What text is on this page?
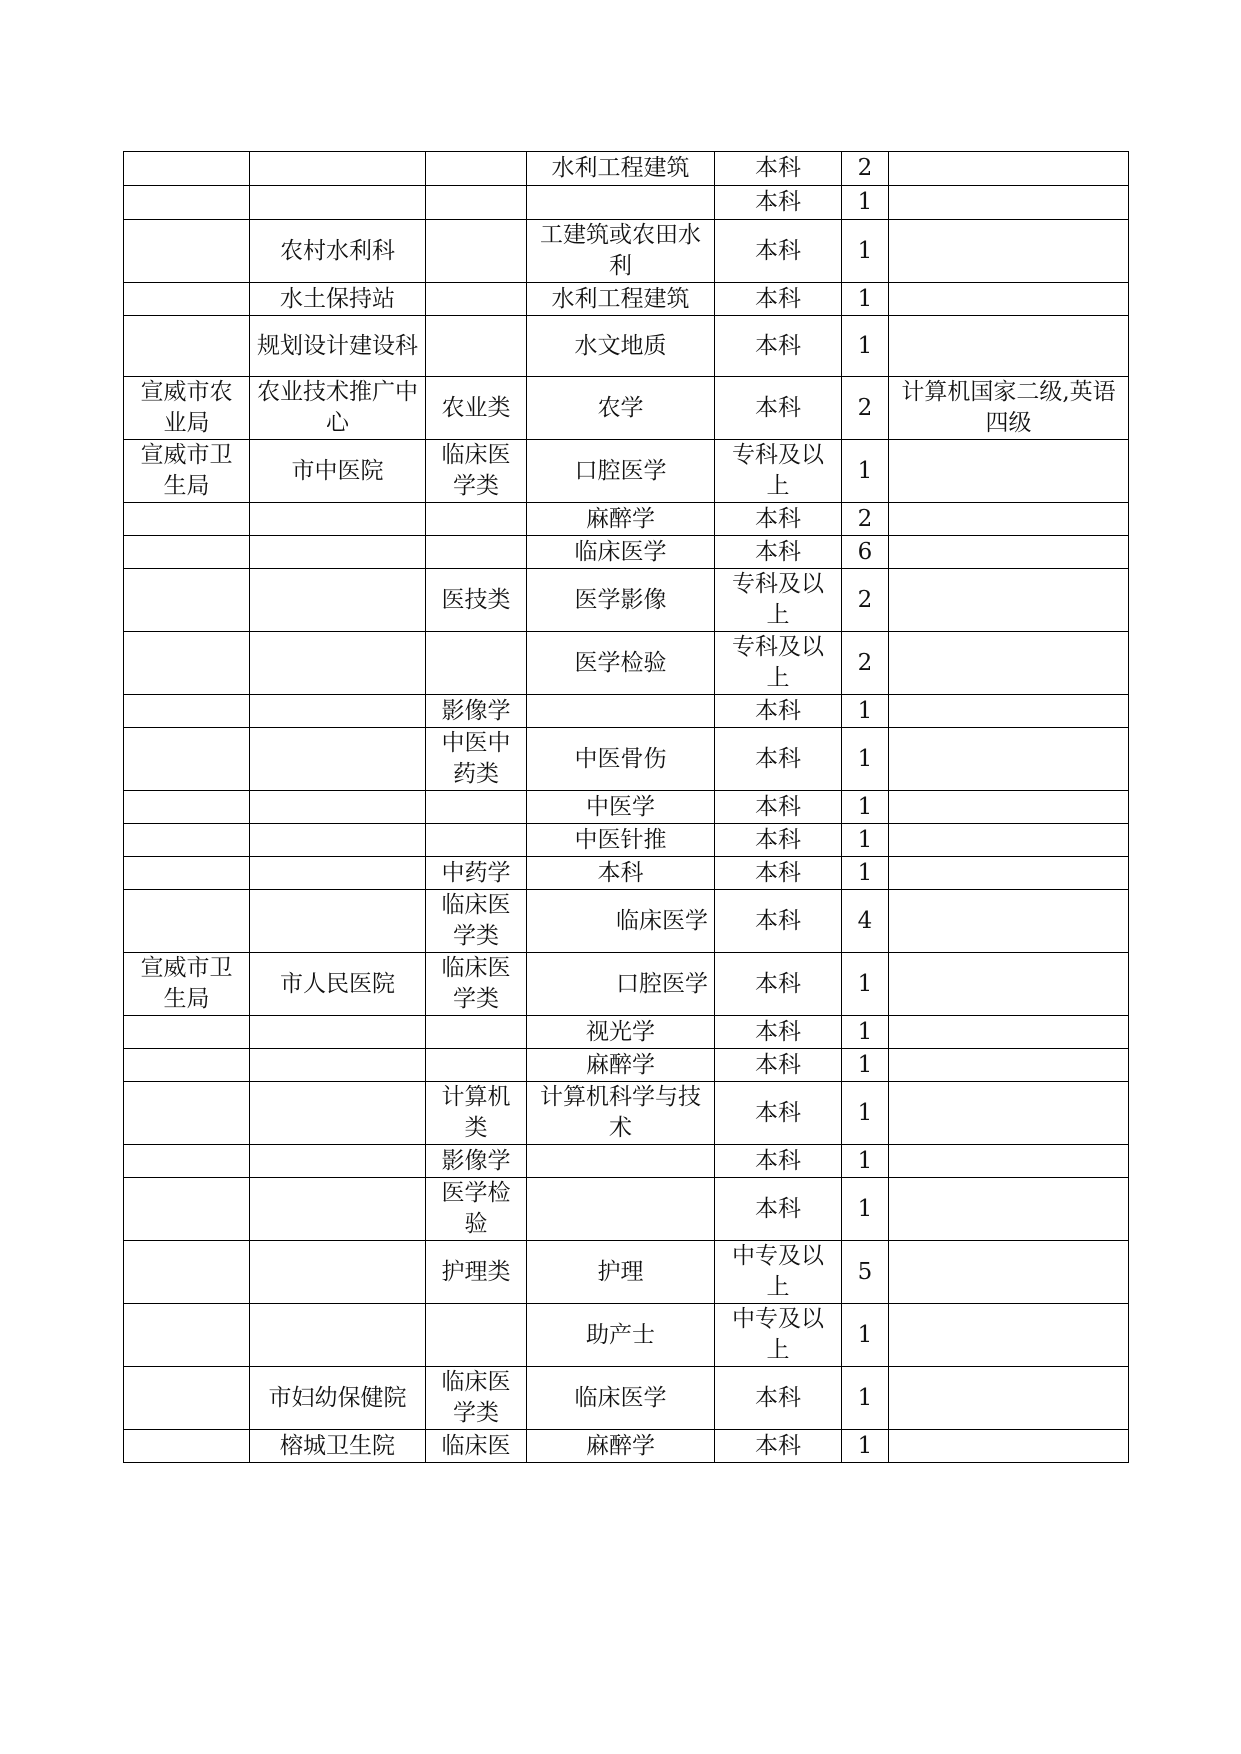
			水利工程建筑	本科	2	
				本科	1	
	农村水利科		工建筑或农田水利	本科	1	
	水土保持站		水利工程建筑	本科	1	
	规划设计建设科		水文地质	本科	1	
宣威市农业局	农业技术推广中心	农业类	农学	本科	2	计算机国家二级,英语四级
宣威市卫生局	市中医院	临床医学类	口腔医学	专科及以上	1	
			麻醉学	本科	2	
			临床医学	本科	6	
		医技类	医学影像	专科及以上	2	
			医学检验	专科及以上	2	
		影像学		本科	1	
		中医中药类	中医骨伤	本科	1	
			中医学	本科	1	
			中医针推	本科	1	
		中药学	本科	本科	1	
		临床医学类	临床医学	本科	4	
宣威市卫生局	市人民医院	临床医学类	口腔医学	本科	1	
			视光学	本科	1	
			麻醉学	本科	1	
		计算机类	计算机科学与技术	本科	1	
		影像学		本科	1	
		医学检验		本科	1	
		护理类	护理	中专及以上	5	
			助产士	中专及以上	1	
	市妇幼保健院	临床医学类	临床医学	本科	1	
	榕城卫生院	临床医	麻醉学	本科	1	
